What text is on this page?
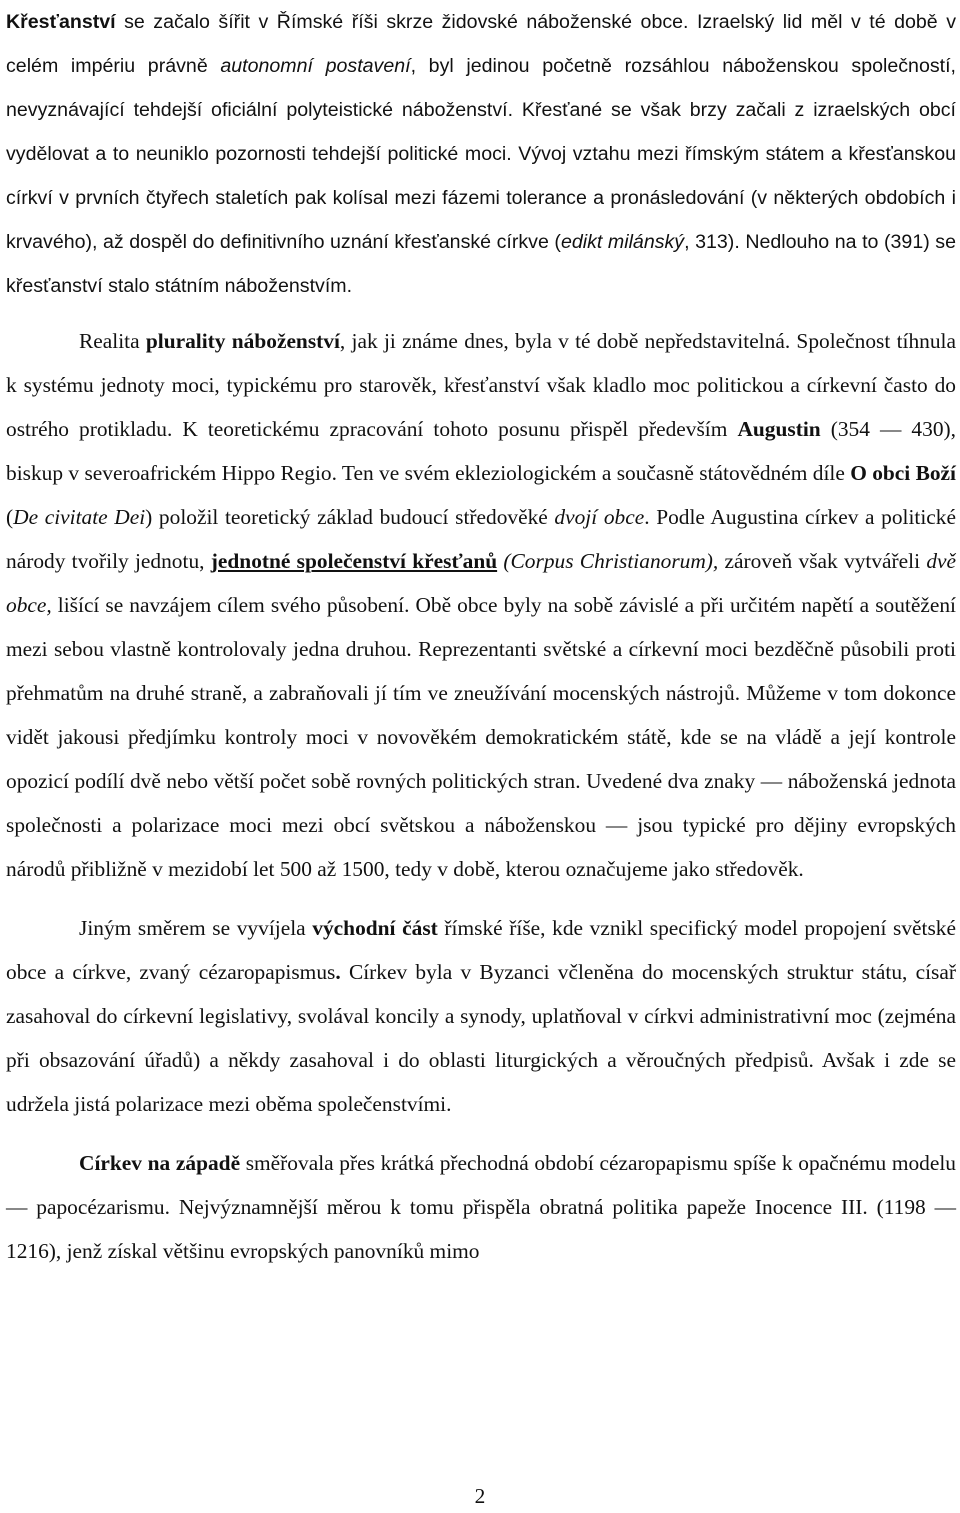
Křesťanství se začalo šířit v Římské říši skrze židovské náboženské obce. Izraelský lid měl v té době v celém impériu právně autonomní postavení, byl jedinou početně rozsáhlou náboženskou společností, nevyznávající tehdejší oficiální polyteistické náboženství. Křesťané se však brzy začali z izraelských obcí vydělovat a to neuniklo pozornosti tehdejší politické moci. Vývoj vztahu mezi římským státem a křesťanskou církví v prvních čtyřech staletích pak kolísal mezi fázemi tolerance a pronásledování (v některých obdobích i krvavého), až dospěl do definitivního uznání křesťanské církve (edikt milánský, 313). Nedlouho na to (391) se křesťanství stalo státním náboženstvím.

Realita plurality náboženství, jak ji známe dnes, byla v té době nepředstavitelná. Společnost tíhnula k systému jednoty moci, typickému pro starověk, křesťanství však kladlo moc politickou a církevní často do ostrého protikladu. K teoretickému zpracování tohoto posunu přispěl především Augustin (354 ― 430), biskup v severoafrickém Hippo Regio. Ten ve svém ekleziologickém a současně státovědném díle O obci Boží (De civitate Dei) položil teoretický základ budoucí středověké dvojí obce. Podle Augustina církev a politické národy tvořily jednotu, jednotné společenství křesťanů (Corpus Christianorum), zároveň však vytvářeli dvě obce, lišící se navzájem cílem svého působení. Obě obce byly na sobě závislé a při určitém napětí a soutěžení mezi sebou vlastně kontrolovaly jedna druhou. Reprezentanti světské a církevní moci bezděčně působili proti přehmatům na druhé straně, a zabraňovali jí tím ve zneužívání mocenských nástrojů. Můžeme v tom dokonce vidět jakousi předjímku kontroly moci v novověkém demokratickém státě, kde se na vládě a její kontrole opozicí podílí dvě nebo větší počet sobě rovných politických stran. Uvedené dva znaky ― náboženská jednota společnosti a polarizace moci mezi obcí světskou a náboženskou ― jsou typické pro dějiny evropských národů přibližně v mezidobí let 500 až 1500, tedy v době, kterou označujeme jako středověk.

Jiným směrem se vyvíjela východní část římské říše, kde vznikl specifický model propojení světské obce a církve, zvaný cézaropapismus. Církev byla v Byzanci včleněna do mocenských struktur státu, císař zasahoval do církevní legislativy, svolával koncily a synody, uplatňoval v církvi administrativní moc (zejména při obsazování úřadů) a někdy zasahoval i do oblasti liturgických a věroučných předpisů. Avšak i zde se udržela jistá polarizace mezi oběma společenstvími.

Církev na západě směřovala přes krátká přechodná období cézaropapismu spíše k opačnému modelu ― papocézarismu. Nejvýznamnější měrou k tomu přispěla obratná politika papeže Inocence III. (1198 ― 1216), jenž získal většinu evropských panovníků mimo

2
